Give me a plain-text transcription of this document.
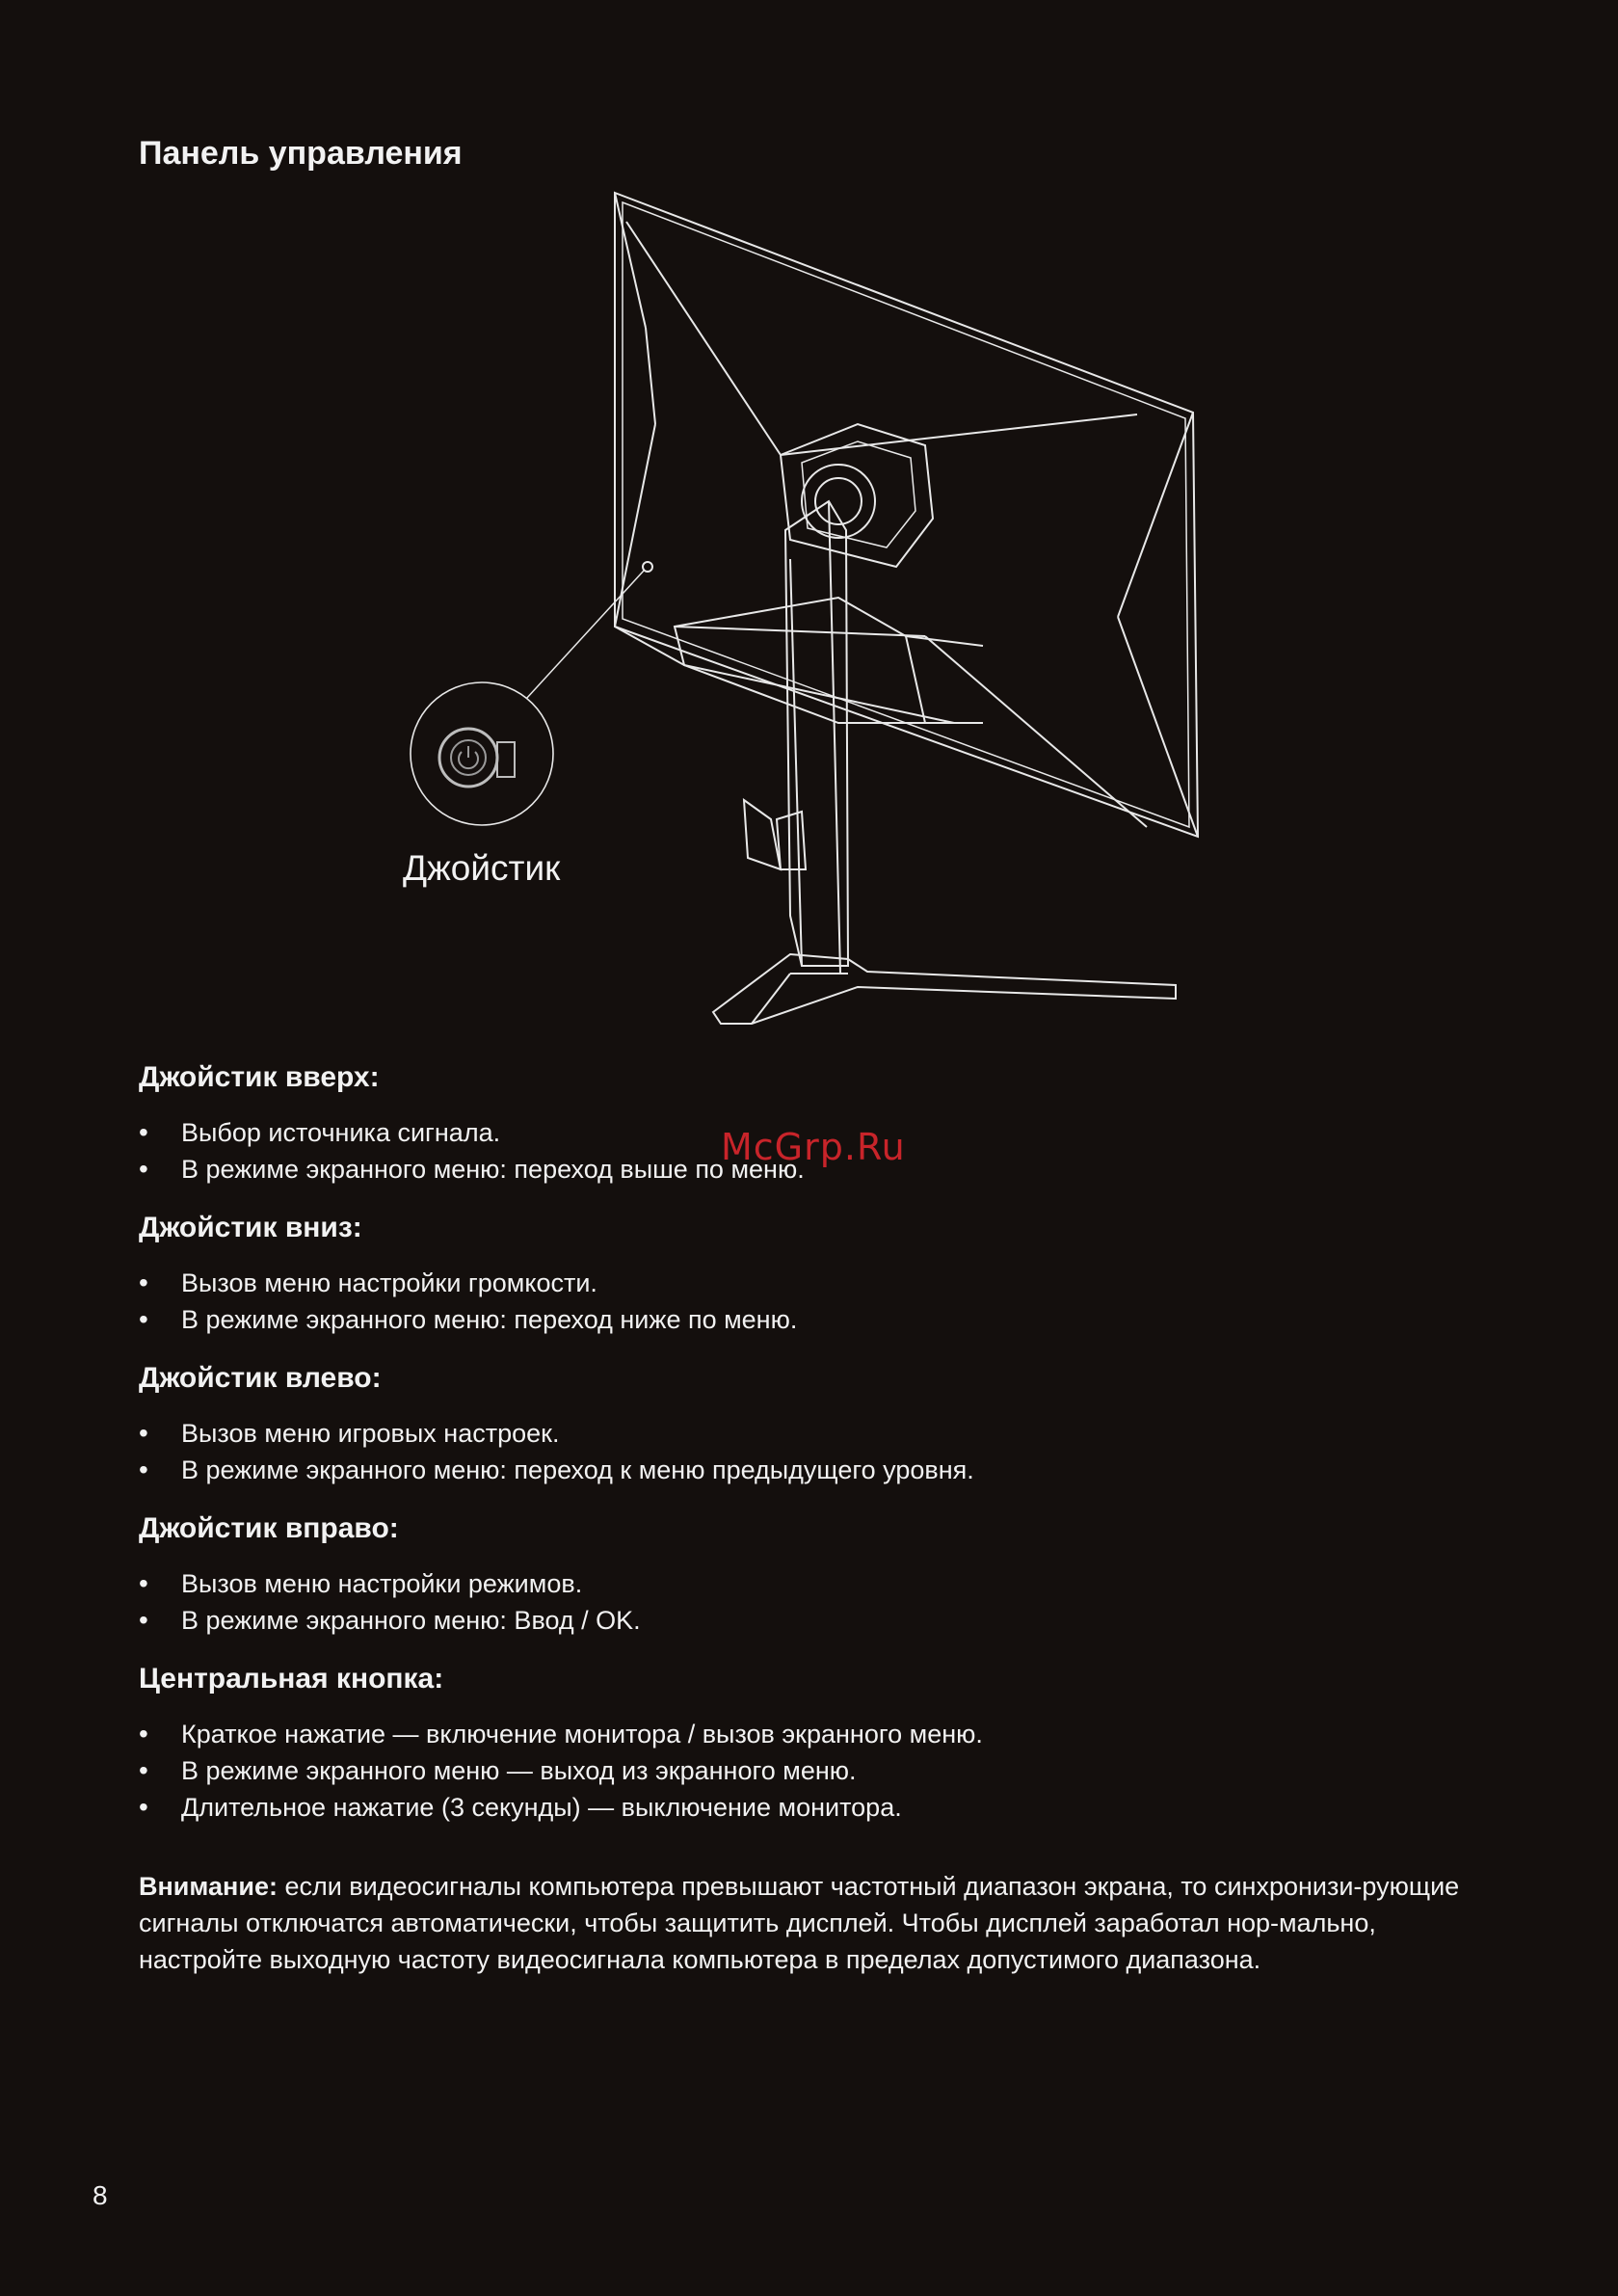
Панель управления
Джойстик
McGrp.Ru
Джойстик вверх:
• Выбор источника сигнала.
• В режиме экранного меню: переход выше по меню.
Джойстик вниз:
• Вызов меню настройки громкости.
• В режиме экранного меню: переход ниже по меню.
Джойстик влево:
• Вызов меню игровых настроек.
• В режиме экранного меню: переход к меню предыдущего уровня.
Джойстик вправо:
• Вызов меню настройки режимов.
• В режиме экранного меню: Ввод / OK.
Центральная кнопка:
• Краткое нажатие — включение монитора / вызов экранного меню.
• В режиме экранного меню — выход из экранного меню.
• Длительное нажатие (3 секунды) — выключение монитора.

Внимание: если видеосигналы компьютера превышают частотный диапазон экрана, то синхронизи-рующие сигналы отключатся автоматически, чтобы защитить дисплей. Чтобы дисплей заработал нор-мально, настройте выходную частоту видеосигнала компьютера в пределах допустимого диапазона.

8
